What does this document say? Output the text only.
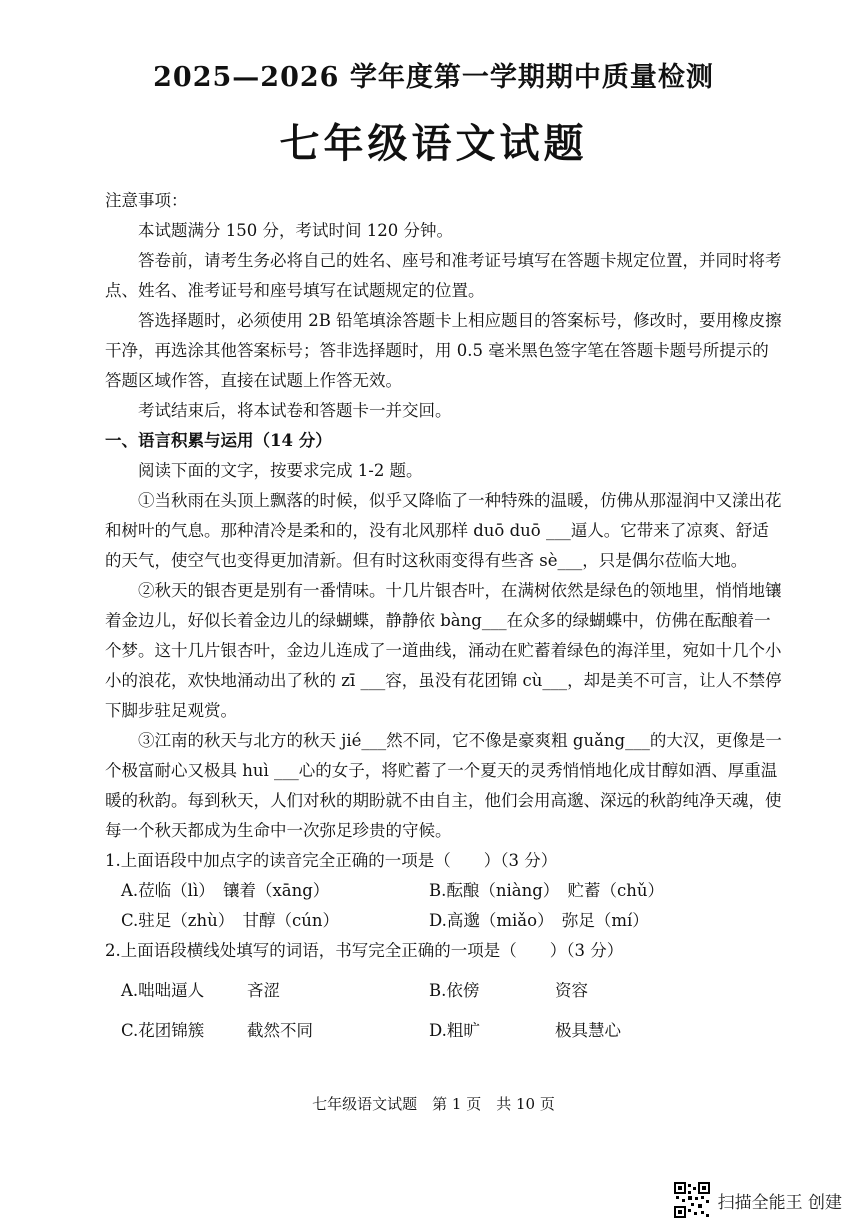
2025—2026 学年度第一学期期中质量检测
七年级语文试题

注意事项：

本试题满分 150 分，考试时间 120 分钟。

答卷前，请考生务必将自己的姓名、座号和准考证号填写在答题卡规定位置，并同时将考点、姓名、准考证号和座号填写在试题规定的位置。

答选择题时，必须使用 2B 铅笔填涂答题卡上相应题目的答案标号，修改时，要用橡皮擦干净，再选涂其他答案标号；答非选择题时，用 0.5 毫米黑色签字笔在答题卡题号所提示的答题区域作答，直接在试题上作答无效。

考试结束后，将本试卷和答题卡一并交回。

一、语言积累与运用（14 分）

阅读下面的文字，按要求完成 1-2 题。

①当秋雨在头顶上飘落的时候，似乎又降临了一种特殊的温暖，仿佛从那湿润中又漾出花和树叶的气息。那种清冷是柔和的，没有北风那样 duō duō ___逼人。它带来了凉爽、舒适的天气，使空气也变得更加清新。但有时这秋雨变得有些吝 sè___，只是偶尔莅临大地。

②秋天的银杏更是别有一番情味。十几片银杏叶，在满树依然是绿色的领地里，悄悄地镶着金边儿，好似长着金边儿的绿蝴蝶，静静依 bàng___在众多的绿蝴蝶中，仿佛在酝酿着一个梦。这十几片银杏叶，金边儿连成了一道曲线，涌动在贮蓄着绿色的海洋里，宛如十几个小小的浪花，欢快地涌动出了秋的 zī ___容，虽没有花团锦 cù___，却是美不可言，让人不禁停下脚步驻足观赏。

③江南的秋天与北方的秋天 jié___然不同，它不像是豪爽粗 guǎng___的大汉，更像是一个极富耐心又极具 huì ___心的女子，将贮蓄了一个夏天的灵秀悄悄地化成甘醇如酒、厚重温暖的秋韵。每到秋天，人们对秋的期盼就不由自主，他们会用高邈、深远的秋韵纯净天魂，使每一个秋天都成为生命中一次弥足珍贵的守候。

1.上面语段中加点字的读音完全正确的一项是（　　）（3 分）

A.莅临（lì）　镶着（xāng）	B.酝酿（niàng）　贮蓄（chǔ）
C.驻足（zhù）　甘醇（cún）	D.高邈（miǎo）　弥足（mí）

2.上面语段横线处填写的词语，书写完全正确的一项是（　　）（3 分）

A.咄咄逼人	吝涩	B.依傍	资容
C.花团锦簇	截然不同	D.粗旷	极具慧心
七年级语文试题　第 1 页　共 10 页
扫描全能王 创建
